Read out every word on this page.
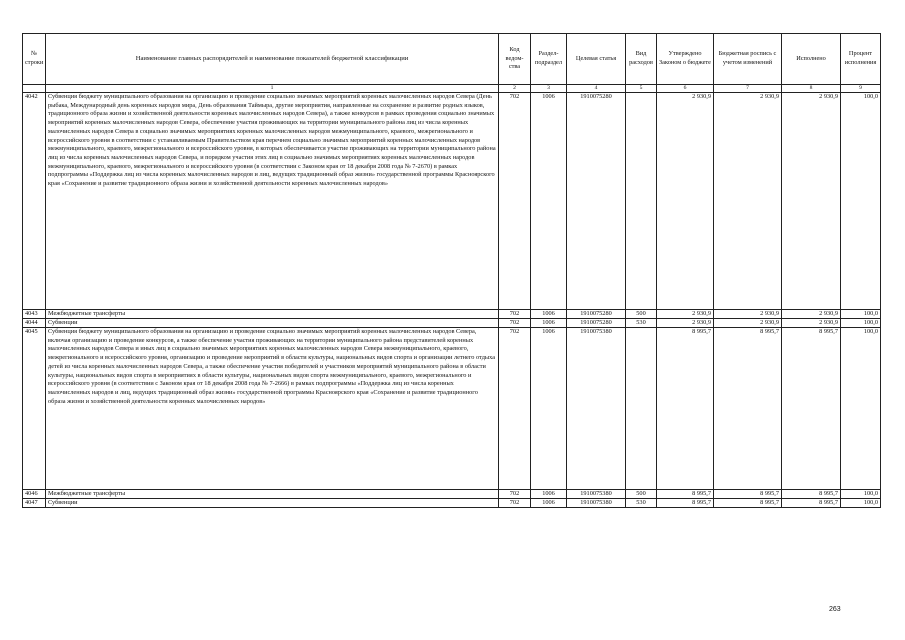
№ строки	Наименование главных распорядителей и наименование показателей бюджетной классификации	Код ведом-ства	Раздел-подраздел	Целевая статья	Вид расходов	Утверждено Законом о бюджете	Бюджетная роспись с учетом изменений	Исполнено	Процент исполнения
	1	2	3	4	5	6	7	8	9
4042	Субвенция бюджету муниципального образования на организацию и проведение социально значимых мероприятий коренных малочисленных народов Севера (День рыбака, Международный день коренных народов мира, День образования Таймыра, другие мероприятия, направленные на сохранение и развитие родных языков, традиционного образа жизни и хозяйственной деятельности коренных малочисленных народов Севера), а также конкурсов в рамках проведения социально значимых мероприятий коренных малочисленных народов Севера, обеспечение участия проживающих на территории муниципального района лиц из числа коренных малочисленных народов Севера в социально значимых мероприятиях коренных малочисленных народов межмуниципального, краевого, межрегионального и всероссийского уровня в соответствии с устанавливаемым Правительством края перечнем социально значимых мероприятий коренных малочисленных народов межмуниципального, краевого, межрегионального и всероссийского уровня, в которых обеспечивается участие проживающих на территории муниципального района лиц из числа коренных малочисленных народов Севера, и порядком участия этих лиц в социально значимых мероприятиях коренных малочисленных народов межмуниципального, краевого, межрегионального и всероссийского уровня (в соответствии с Законом края от 18 декабря 2008 года № 7-2670) в рамках подпрограммы «Поддержка лиц из числа коренных малочисленных народов и лиц, ведущих традиционный образ жизни» государственной программы Красноярского края «Сохранение и развитие традиционного образа жизни и хозяйственной деятельности коренных малочисленных народов»	702	1006	1910075280		2 930,9	2 930,9	2 930,9	100,0
4043	Межбюджетные трансферты	702	1006	1910075280	500	2 930,9	2 930,9	2 930,9	100,0
4044	Субвенции	702	1006	1910075280	530	2 930,9	2 930,9	2 930,9	100,0
4045	Субвенция бюджету муниципального образования на организацию и проведение социально значимых мероприятий коренных малочисленных народов Севера, включая организацию и проведение конкурсов, а также обеспечение участия проживающих на территории муниципального района представителей коренных малочисленных народов Севера и иных лиц в социально значимых мероприятиях коренных малочисленных народов Севера межмуниципального, краевого, межрегионального и всероссийского уровня, организацию и проведение мероприятий в области культуры, национальных видов спорта и организации летнего отдыха детей из числа коренных малочисленных народов Севера, а также обеспечение участия победителей и участников мероприятий муниципального района в области культуры, национальных видов спорта в мероприятиях в области культуры, национальных видов спорта межмуниципального, краевого, межрегионального и всероссийского уровня (в соответствии с Законом края от 18 декабря 2008 года № 7-2666) в рамках подпрограммы «Поддержка лиц из числа коренных малочисленных народов и лиц, ведущих традиционный образ жизни» государственной программы Красноярского края «Сохранение и развитие традиционного образа жизни и хозяйственной деятельности коренных малочисленных народов»	702	1006	1910075380		8 995,7	8 995,7	8 995,7	100,0
4046	Межбюджетные трансферты	702	1006	1910075380	500	8 995,7	8 995,7	8 995,7	100,0
4047	Субвенции	702	1006	1910075380	530	8 995,7	8 995,7	8 995,7	100,0
263
